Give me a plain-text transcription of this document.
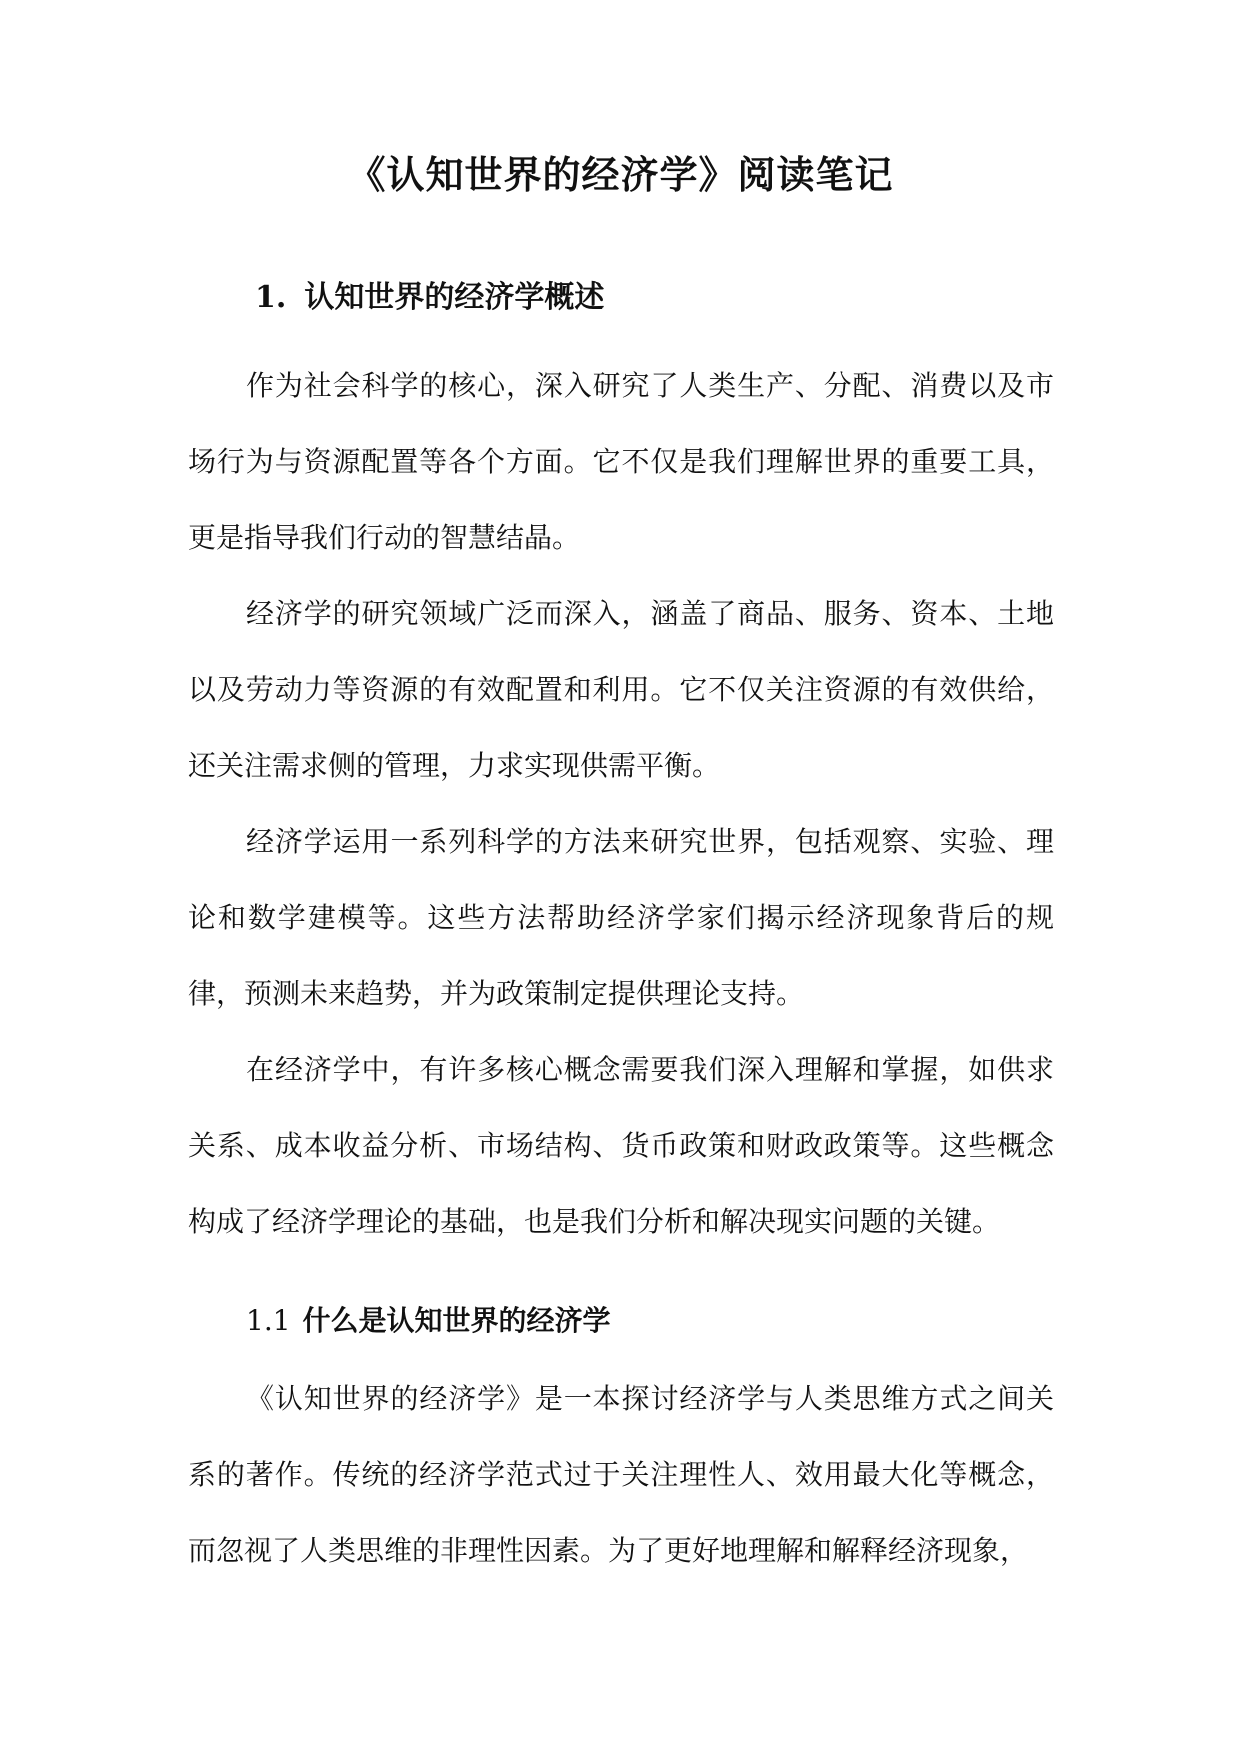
《认知世界的经济学》阅读笔记
1. 认知世界的经济学概述

作为社会科学的核心，深入研究了人类生产、分配、消费以及市场行为与资源配置等各个方面。它不仅是我们理解世界的重要工具，更是指导我们行动的智慧结晶。

经济学的研究领域广泛而深入，涵盖了商品、服务、资本、土地以及劳动力等资源的有效配置和利用。它不仅关注资源的有效供给，还关注需求侧的管理，力求实现供需平衡。

经济学运用一系列科学的方法来研究世界，包括观察、实验、理论和数学建模等。这些方法帮助经济学家们揭示经济现象背后的规律，预测未来趋势，并为政策制定提供理论支持。

在经济学中，有许多核心概念需要我们深入理解和掌握，如供求关系、成本收益分析、市场结构、货币政策和财政政策等。这些概念构成了经济学理论的基础，也是我们分析和解决现实问题的关键。

1.1 什么是认知世界的经济学

《认知世界的经济学》是一本探讨经济学与人类思维方式之间关系的著作。传统的经济学范式过于关注理性人、效用最大化等概念，而忽视了人类思维的非理性因素。为了更好地理解和解释经济现象，
